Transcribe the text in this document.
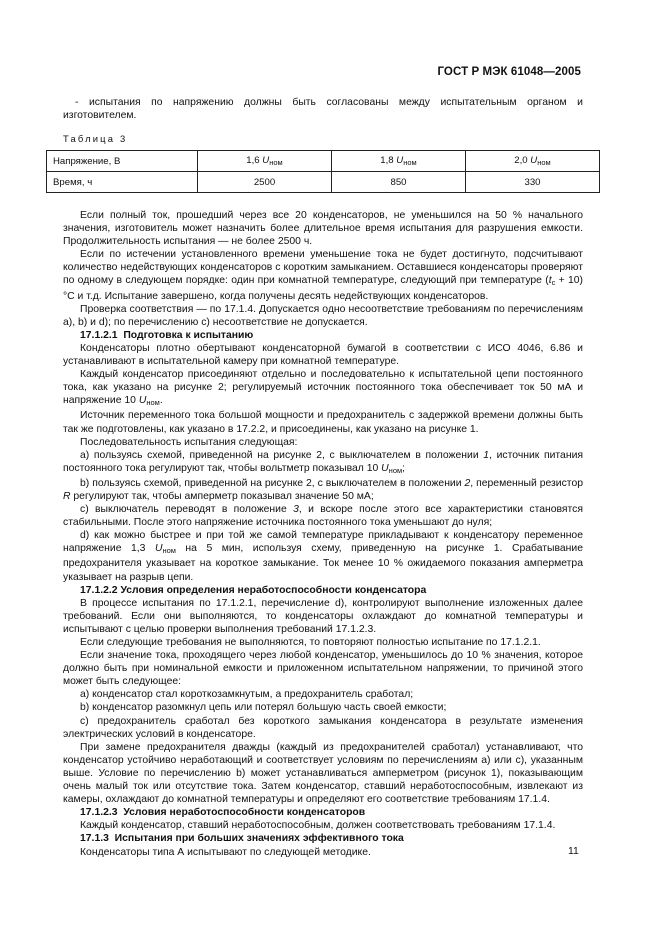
ГОСТ Р МЭК 61048—2005

- испытания по напряжению должны быть согласованы между испытательным органом и изготовителем.

Таблица 3
Напряжение, В	1,6 $U_{ном}$	1,8 $U_{ном}$	2,0 $U_{ном}$
Время, ч	2500	850	330

Если полный ток, прошедший через все 20 конденсаторов, не уменьшился на 50 % начального значения, изготовитель может назначить более длительное время испытания для разрушения емкости. Продолжительность испытания — не более 2500 ч.

Если по истечении установленного времени уменьшение тока не будет достигнуто, подсчитывают количество недействующих конденсаторов с коротким замыканием. Оставшиеся конденсаторы проверяют по одному в следующем порядке: один при комнатной температуре, следующий при температуре $(t_с + 10)$ °С и т.д. Испытание завершено, когда получены десять недействующих конденсаторов.

Проверка соответствия — по 17.1.4. Допускается одно несоответствие требованиям по перечислениям а), b) и d); по перечислению с) несоответствие не допускается.

17.1.2.1 Подготовка к испытанию

Конденсаторы плотно обертывают конденсаторной бумагой в соответствии с ИСО 4046, 6.86 и устанавливают в испытательной камеру при комнатной температуре.

Каждый конденсатор присоединяют отдельно и последовательно к испытательной цепи постоянного тока, как указано на рисунке 2; регулируемый источник постоянного тока обеспечивает ток 50 мА и напряжение 10 $U_{ном}$.

Источник переменного тока большой мощности и предохранитель с задержкой времени должны быть так же подготовлены, как указано в 17.2.2, и присоединены, как указано на рисунке 1.

Последовательность испытания следующая:

а) пользуясь схемой, приведенной на рисунке 2, с выключателем в положении 1, источник питания постоянного тока регулируют так, чтобы вольтметр показывал 10 $U_{ном}$;

b) пользуясь схемой, приведенной на рисунке 2, с выключателем в положении 2, переменный резистор R регулируют так, чтобы амперметр показывал значение 50 мА;

с) выключатель переводят в положение 3, и вскоре после этого все характеристики становятся стабильными. После этого напряжение источника постоянного тока уменьшают до нуля;

d) как можно быстрее и при той же самой температуре прикладывают к конденсатору переменное напряжение 1,3 $U_{ном}$ на 5 мин, используя схему, приведенную на рисунке 1. Срабатывание предохранителя указывает на короткое замыкание. Ток менее 10 % ожидаемого показания амперметра указывает на разрыв цепи.

17.1.2.2 Условия определения неработоспособности конденсатора

В процессе испытания по 17.1.2.1, перечисление d), контролируют выполнение изложенных далее требований. Если они выполняются, то конденсаторы охлаждают до комнатной температуры и испытывают с целью проверки выполнения требований 17.1.2.3.

Если следующие требования не выполняются, то повторяют полностью испытание по 17.1.2.1.

Если значение тока, проходящего через любой конденсатор, уменьшилось до 10 % значения, которое должно быть при номинальной емкости и приложенном испытательном напряжении, то причиной этого может быть следующее:

а) конденсатор стал короткозамкнутым, а предохранитель сработал;

b) конденсатор разомкнул цепь или потерял большую часть своей емкости;

с) предохранитель сработал без короткого замыкания конденсатора в результате изменения электрических условий в конденсаторе.

При замене предохранителя дважды (каждый из предохранителей сработал) устанавливают, что конденсатор устойчиво неработающий и соответствует условиям по перечислениям а) или с), указанным выше. Условие по перечислению b) может устанавливаться амперметром (рисунок 1), показывающим очень малый ток или отсутствие тока. Затем конденсатор, ставший неработоспособным, извлекают из камеры, охлаждают до комнатной температуры и определяют его соответствие требованиям 17.1.4.

17.1.2.3 Условия неработоспособности конденсаторов

Каждый конденсатор, ставший неработоспособным, должен соответствовать требованиям 17.1.4.

17.1.3 Испытания при больших значениях эффективного тока

Конденсаторы типа А испытывают по следующей методике.	11
